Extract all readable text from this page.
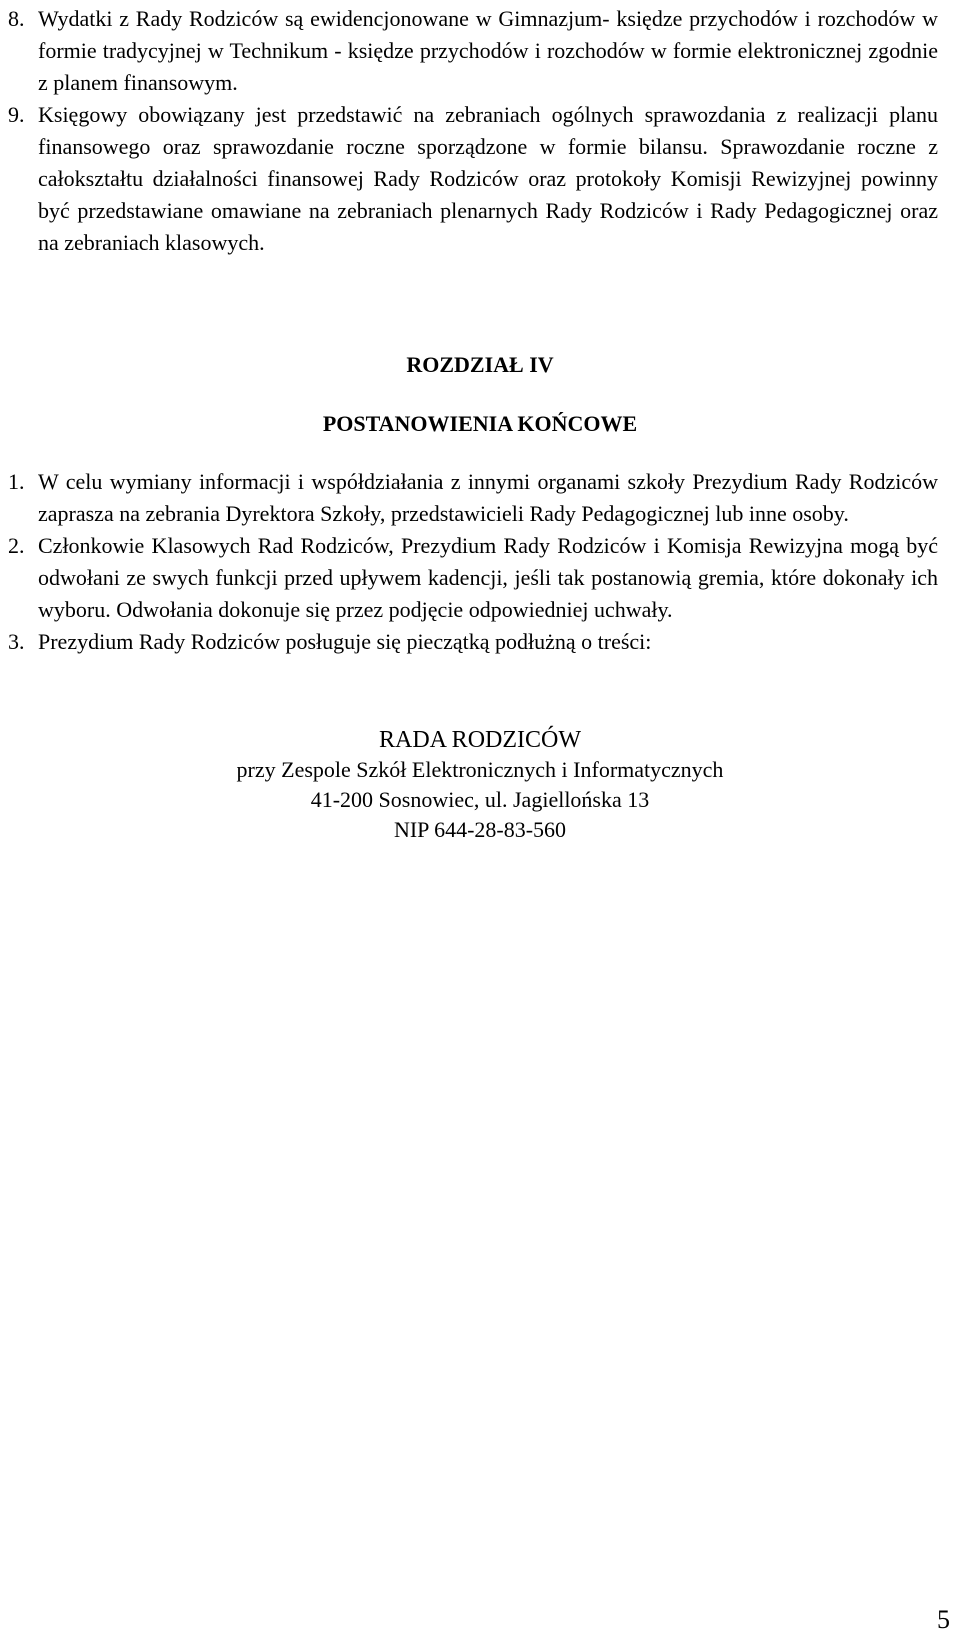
8. Wydatki z Rady Rodziców są ewidencjonowane w Gimnazjum- księdze przychodów i rozchodów w formie tradycyjnej w Technikum - księdze przychodów i rozchodów w formie elektronicznej zgodnie z planem finansowym.
9. Księgowy obowiązany jest przedstawić na zebraniach ogólnych sprawozdania z realizacji planu finansowego oraz sprawozdanie roczne sporządzone w formie bilansu. Sprawozdanie roczne z całokształtu działalności finansowej Rady Rodziców oraz protokoły Komisji Rewizyjnej powinny być przedstawiane omawiane na zebraniach plenarnych Rady Rodziców i Rady Pedagogicznej oraz na zebraniach klasowych.
ROZDZIAŁ IV
POSTANOWIENIA KOŃCOWE
1. W celu wymiany informacji i współdziałania z innymi organami szkoły Prezydium Rady Rodziców zaprasza na zebrania Dyrektora Szkoły, przedstawicieli Rady Pedagogicznej lub inne osoby.
2. Członkowie Klasowych Rad Rodziców, Prezydium Rady Rodziców i Komisja Rewizyjna mogą być odwołani ze swych funkcji przed upływem kadencji, jeśli tak postanowią gremia, które dokonały ich wyboru. Odwołania dokonuje się przez podjęcie odpowiedniej uchwały.
3. Prezydium Rady Rodziców posługuje się pieczątką podłużną o treści:
RADA RODZICÓW
przy Zespole Szkół Elektronicznych i Informatycznych
41-200 Sosnowiec, ul. Jagiellońska 13
NIP 644-28-83-560
5
